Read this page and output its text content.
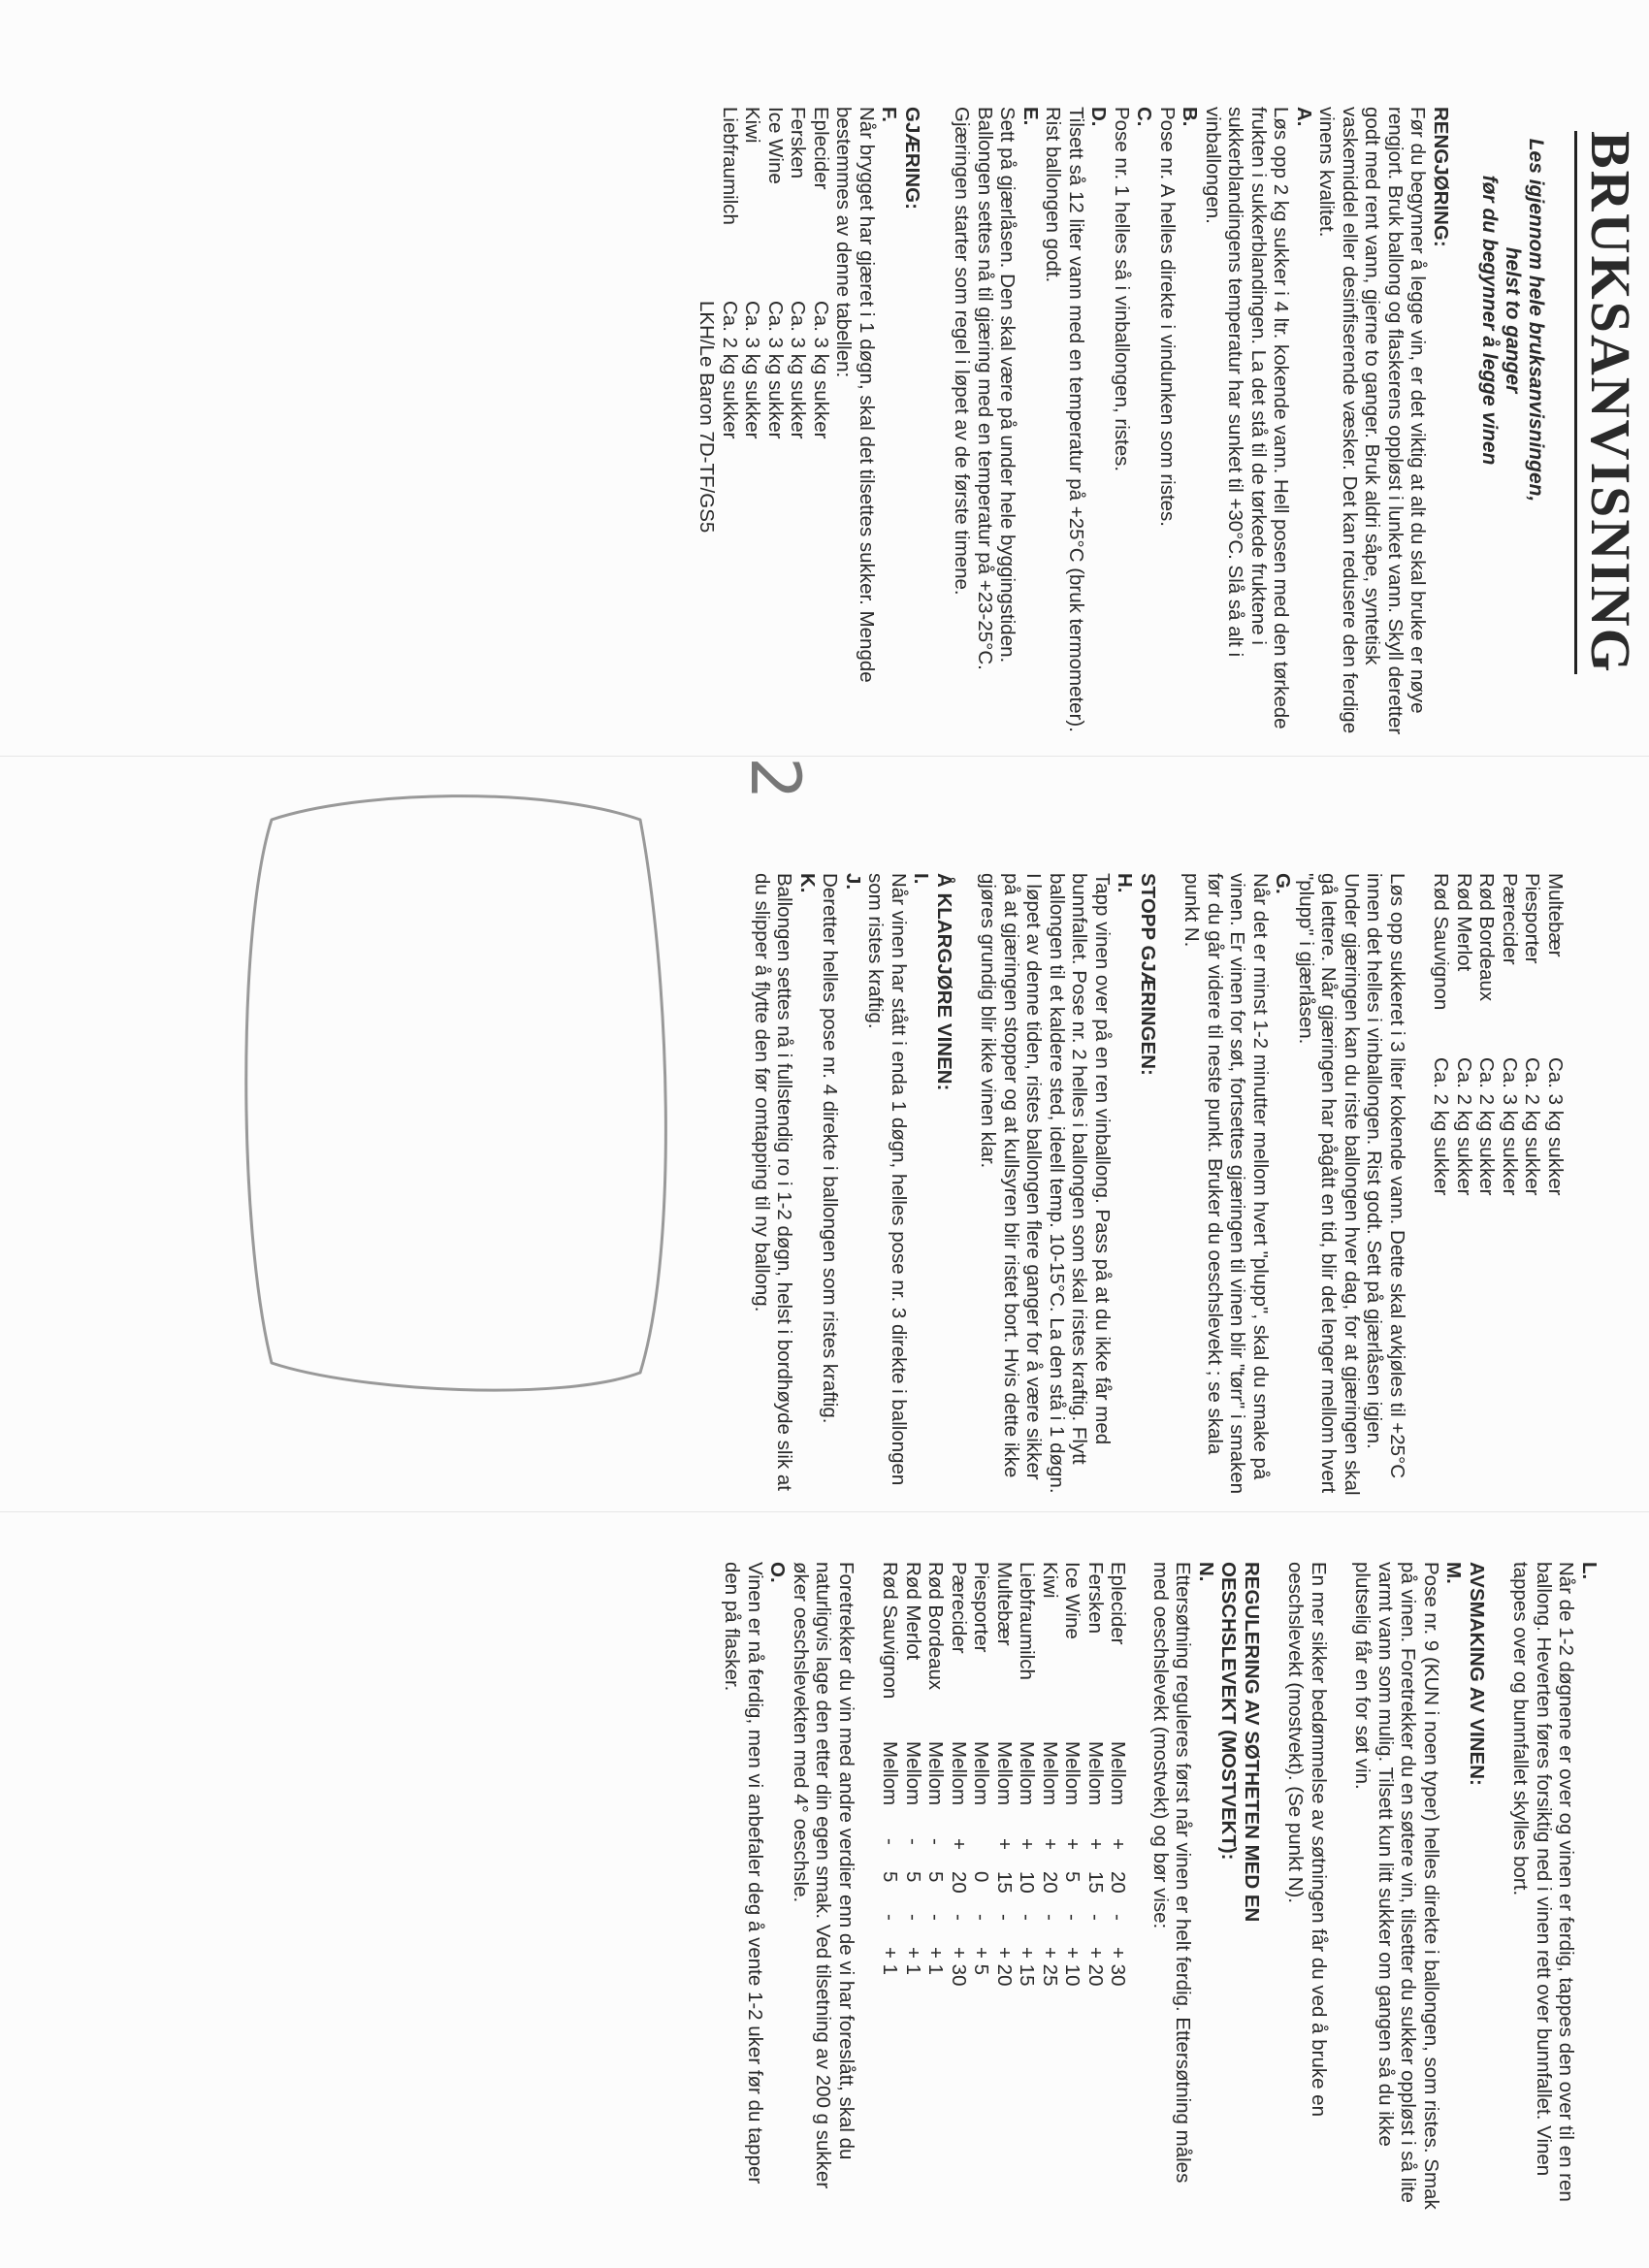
BRUKSANVISNING
Les igjennom hele bruksanvisningen,
helst to ganger
før du begynner å legge vinen
RENGJØRING:

Før du begynner å legge vin, er det viktig at alt du skal bruke er nøye rengjort. Bruk ballong og flaskerens oppløst i lunket vann. Skyll deretter godt med rent vann, gjerne to ganger. Bruk aldri såpe, syntetisk vaskemiddel eller desinfiserende væsker. Det kan redusere den ferdige vinens kvalitet.

A.

Løs opp 2 kg sukker i 4 ltr. kokende vann. Hell posen med den tørkede frukten i sukkerblandingen. La det stå til de tørkede fruktene i sukkerblandingens temperatur har sunket til +30°C. Slå så alt i vinballongen.

B.

Pose nr. A helles direkte i vindunken som ristes.

C.

Pose nr. 1 helles så i vinballongen, ristes.

D.

Tilsett så 12 liter vann med en temperatur på +25°C (bruk termometer). Rist ballongen godt.

E.

Sett på gjærlåsen. Den skal være på under hele byggingstiden. Ballongen settes nå til gjæring med en temperatur på +23-25°C. Gjæringen starter som regel i løpet av de første timene.

GJÆRING:
F.

Når brygget har gjæret i 1 døgn, skal det tilsettes sukker. Mengde bestemmes av denne tabellen:

Eplecider	Ca. 3 kg sukker
Fersken	Ca. 3 kg sukker
Ice Wine	Ca. 3 kg sukker
Kiwi	Ca. 3 kg sukker
Liebfraumilch	Ca. 2 kg sukker

LKH/Le Baron 7D-TF/GS5

2
Multebær	Ca. 3 kg sukker
Piesporter	Ca. 2 kg sukker
Pærecider	Ca. 3 kg sukker
Rød Bordeaux	Ca. 2 kg sukker
Rød Merlot	Ca. 2 kg sukker
Rød Sauvignon	Ca. 2 kg sukker

Løs opp sukkeret i 3 liter kokende vann. Dette skal avkjøles til +25°C innen det helles i vinballongen. Rist godt. Sett på gjærlåsen igjen. Under gjæringen kan du riste ballongen hver dag, for at gjæringen skal gå lettere. Når gjæringen har pågått en tid, blir det lenger mellom hvert "plupp" i gjærlåsen.

G.

Når det er minst 1-2 minutter mellom hvert "plupp", skal du smake på vinen. Er vinen for søt, fortsettes gjæringen til vinen blir "tørr" i smaken før du går videre til neste punkt. Bruker du oeschslevekt ; se skala punkt N.

STOPP GJÆRINGEN:
H.

Tapp vinen over på en ren vinballong. Pass på at du ikke får med bunnfallet. Pose nr. 2 helles i ballongen som skal ristes kraftig. Flytt ballongen til et kaldere sted, ideell temp. 10-15°C. La den stå i 1 døgn. I løpet av denne tiden, ristes ballongen flere ganger for å være sikker på at gjæringen stopper og at kullsyren blir ristet bort. Hvis dette ikke gjøres grundig blir ikke vinen klar.

Å KLARGJØRE VINEN:
I.

Når vinen har stått i enda 1 døgn, helles pose nr. 3 direkte i ballongen som ristes kraftig.

J.

Deretter helles pose nr. 4 direkte i ballongen som ristes kraftig.

K.

Ballongen settes nå i fullstendig ro i 1-2 døgn, helst i bordhøyde slik at du slipper å flytte den før omtapping til ny ballong.

L.

Når de 1-2 døgnene er over og vinen er ferdig, tappes den over til en ren ballong. Heverten føres forsiktig ned i vinen rett over bunnfallet. Vinen tappes over og bunnfallet skylles bort.

AVSMAKING AV VINEN:
M.

Pose nr. 9 (KUN i noen typer) helles direkte i ballongen, som ristes. Smak på vinen. Foretrekker du en søtere vin, tilsetter du sukker oppløst i så lite varmt vann som mulig. Tilsett kun litt sukker om gangen så du ikke plutselig får en for søt vin.

En mer sikker bedømmelse av søtningen får du ved å bruke en oeschslevekt (mostvekt). (Se punkt N).

REGULERING AV SØTHETEN MED EN OESCHSLEVEKT (MOSTVEKT):
N.

Ettersøtning reguleres først når vinen er helt ferdig. Ettersøtning måles med oeschslevekt (mostvekt) og bør vise:

Eplecider	Mellom	+	20	-	+ 30
Fersken	Mellom	+	15	-	+ 20
Ice Wine	Mellom	+	5	-	+ 10
Kiwi	Mellom	+	20	-	+ 25
Liebfraumilch	Mellom	+	10	-	+ 15
Multebær	Mellom	+	15	-	+ 20
Piesporter	Mellom		0	-	+ 5
Pærecider	Mellom	+	20	-	+ 30
Rød Bordeaux	Mellom	-	5	-	+ 1
Rød Merlot	Mellom	-	5	-	+ 1
Rød Sauvignon	Mellom	-	5	-	+ 1

Foretrekker du vin med andre verdier enn de vi har foreslått, skal du naturligvis lage den etter din egen smak. Ved tilsetning av 200 g sukker øker oeschslevekten med 4° oeschsle.

O.

Vinen er nå ferdig, men vi anbefaler deg å vente 1-2 uker før du tapper den på flasker.
